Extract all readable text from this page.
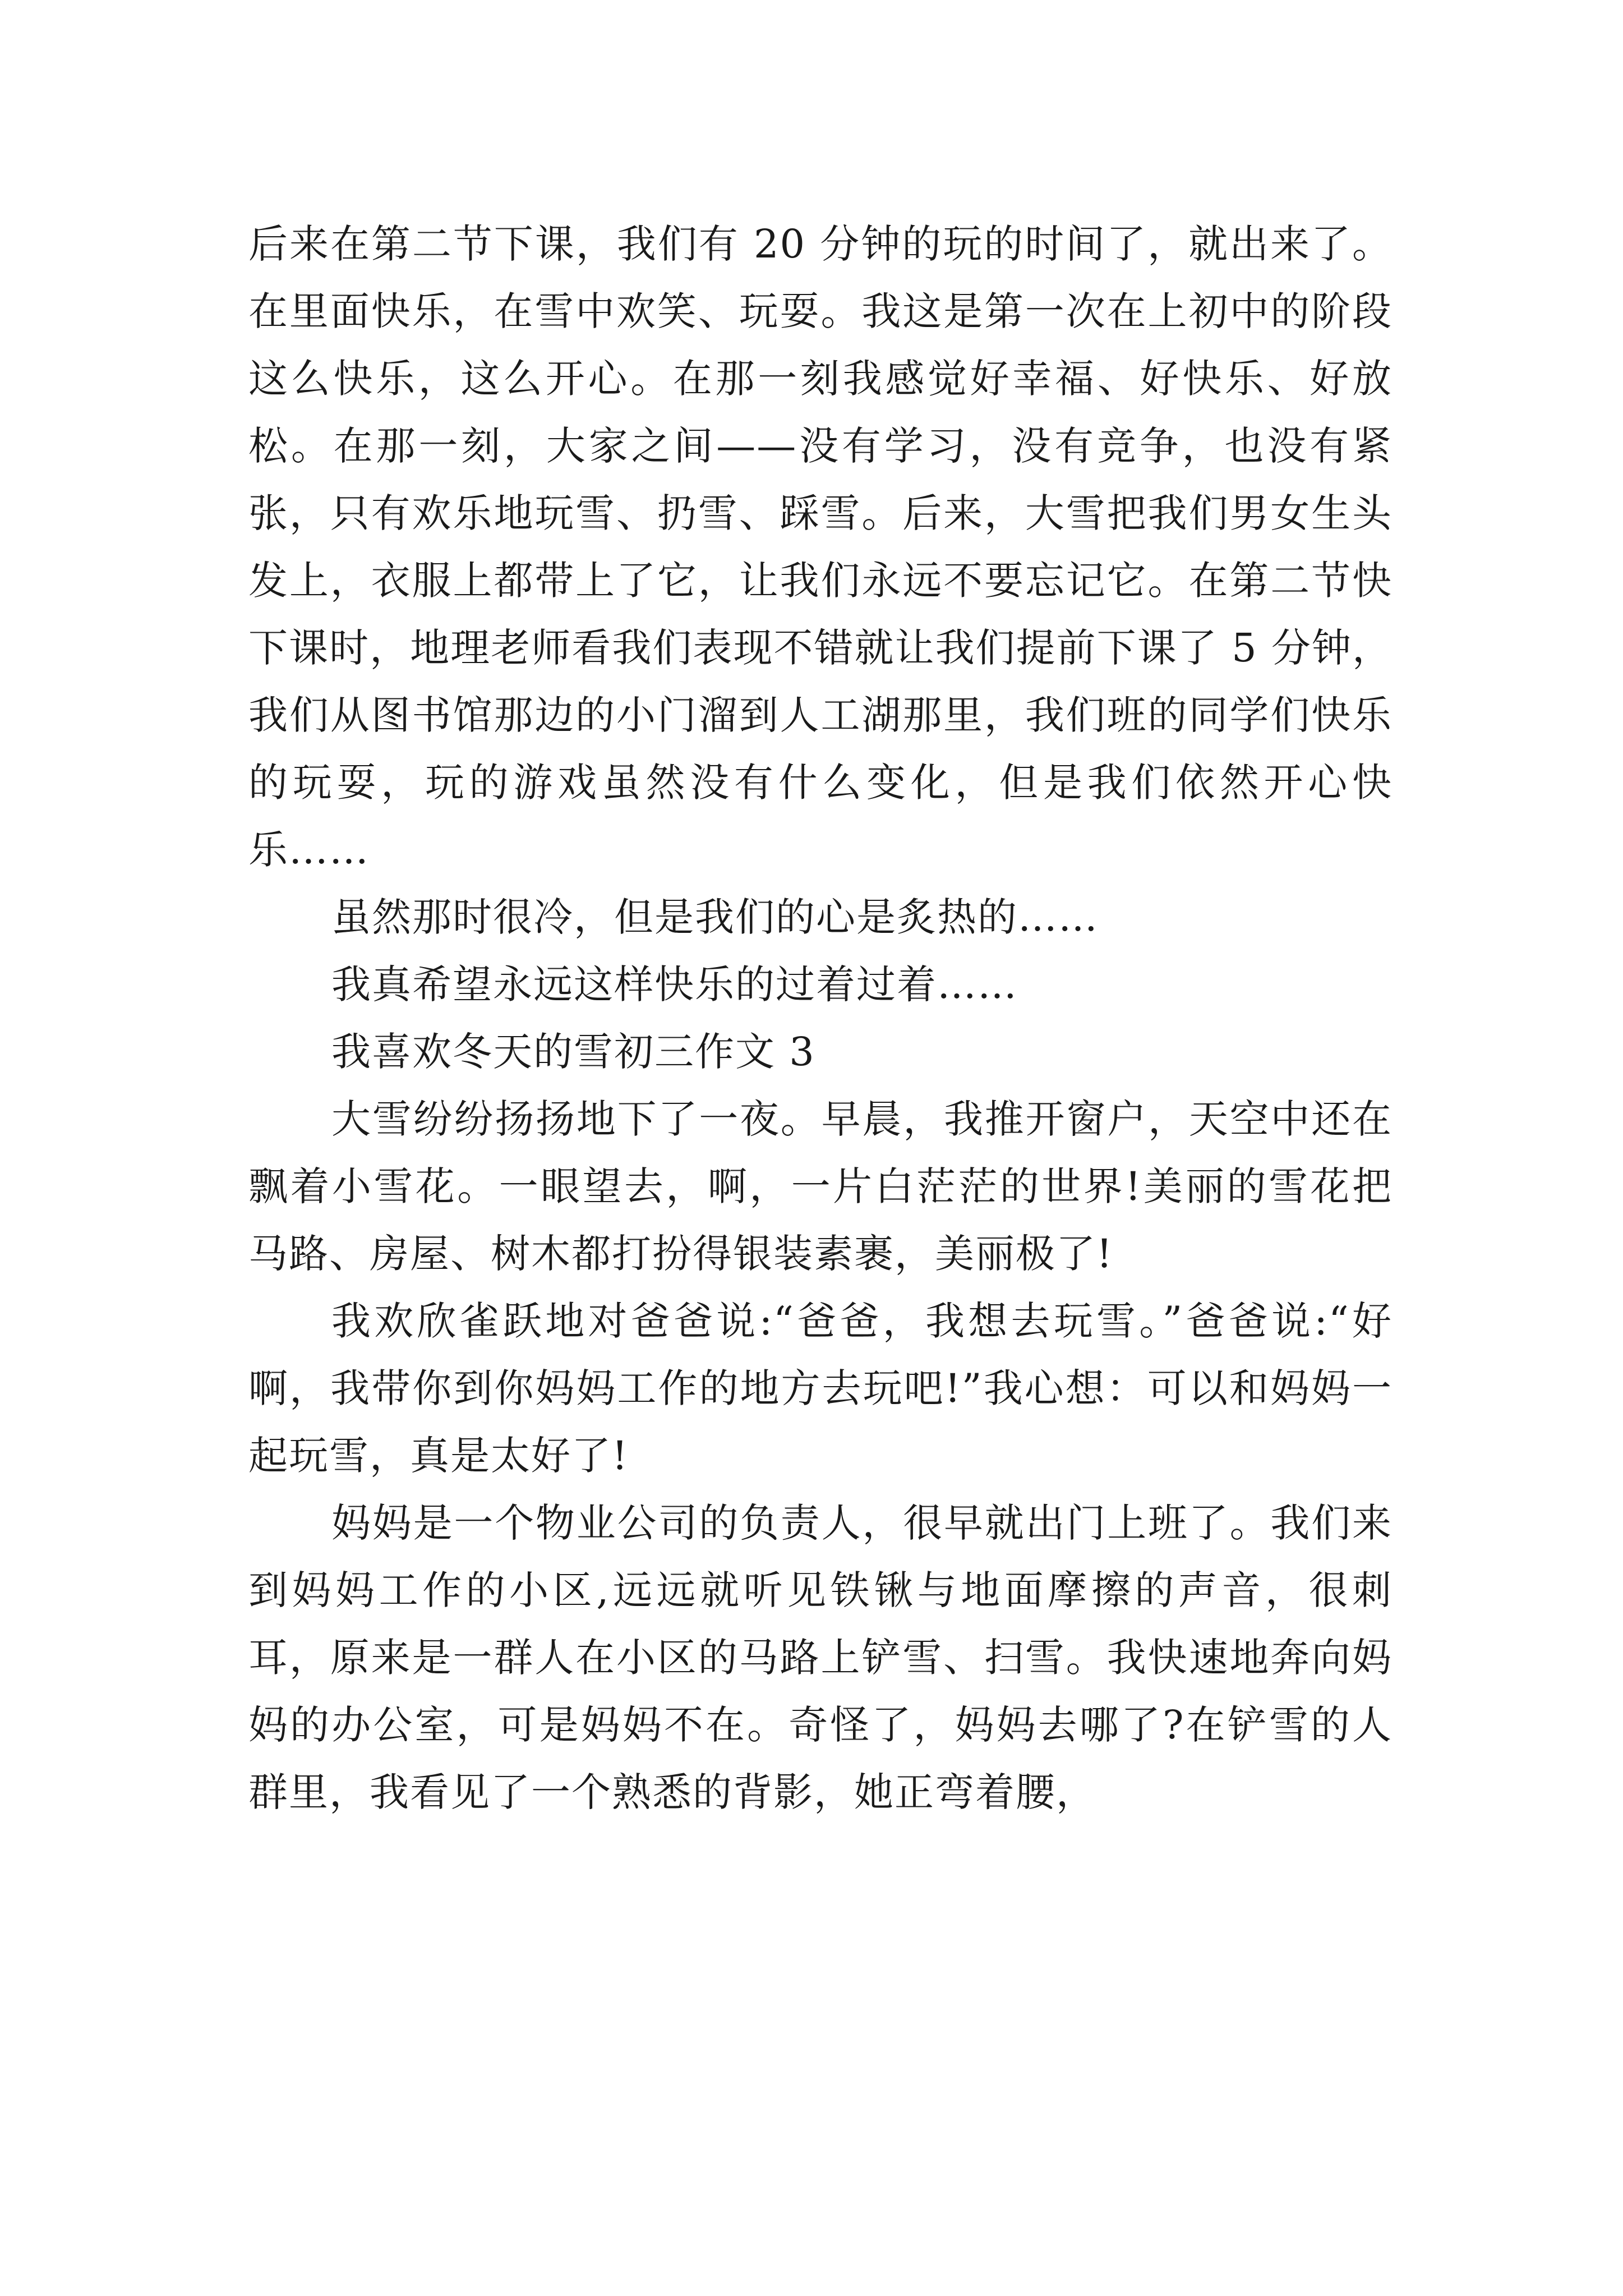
后来在第二节下课，我们有 20 分钟的玩的时间了，就出来了。在里面快乐，在雪中欢笑、玩耍。我这是第一次在上初中的阶段这么快乐，这么开心。在那一刻我感觉好幸福、好快乐、好放松。在那一刻，大家之间——没有学习，没有竞争，也没有紧张，只有欢乐地玩雪、扔雪、踩雪。后来，大雪把我们男女生头发上，衣服上都带上了它，让我们永远不要忘记它。在第二节快下课时，地理老师看我们表现不错就让我们提前下课了 5 分钟，我们从图书馆那边的小门溜到人工湖那里，我们班的同学们快乐的玩耍，玩的游戏虽然没有什么变化，但是我们依然开心快乐……

虽然那时很冷，但是我们的心是炙热的……

我真希望永远这样快乐的过着过着……

我喜欢冬天的雪初三作文 3

大雪纷纷扬扬地下了一夜。早晨，我推开窗户，天空中还在飘着小雪花。一眼望去，啊，一片白茫茫的世界!美丽的雪花把马路、房屋、树木都打扮得银装素裹，美丽极了!

我欢欣雀跃地对爸爸说:“爸爸，我想去玩雪。”爸爸说:“好啊，我带你到你妈妈工作的地方去玩吧!”我心想：可以和妈妈一起玩雪，真是太好了!

妈妈是一个物业公司的负责人，很早就出门上班了。我们来到妈妈工作的小区,远远就听见铁锹与地面摩擦的声音，很刺耳，原来是一群人在小区的马路上铲雪、扫雪。我快速地奔向妈妈的办公室，可是妈妈不在。奇怪了，妈妈去哪了?在铲雪的人群里，我看见了一个熟悉的背影，她正弯着腰，
